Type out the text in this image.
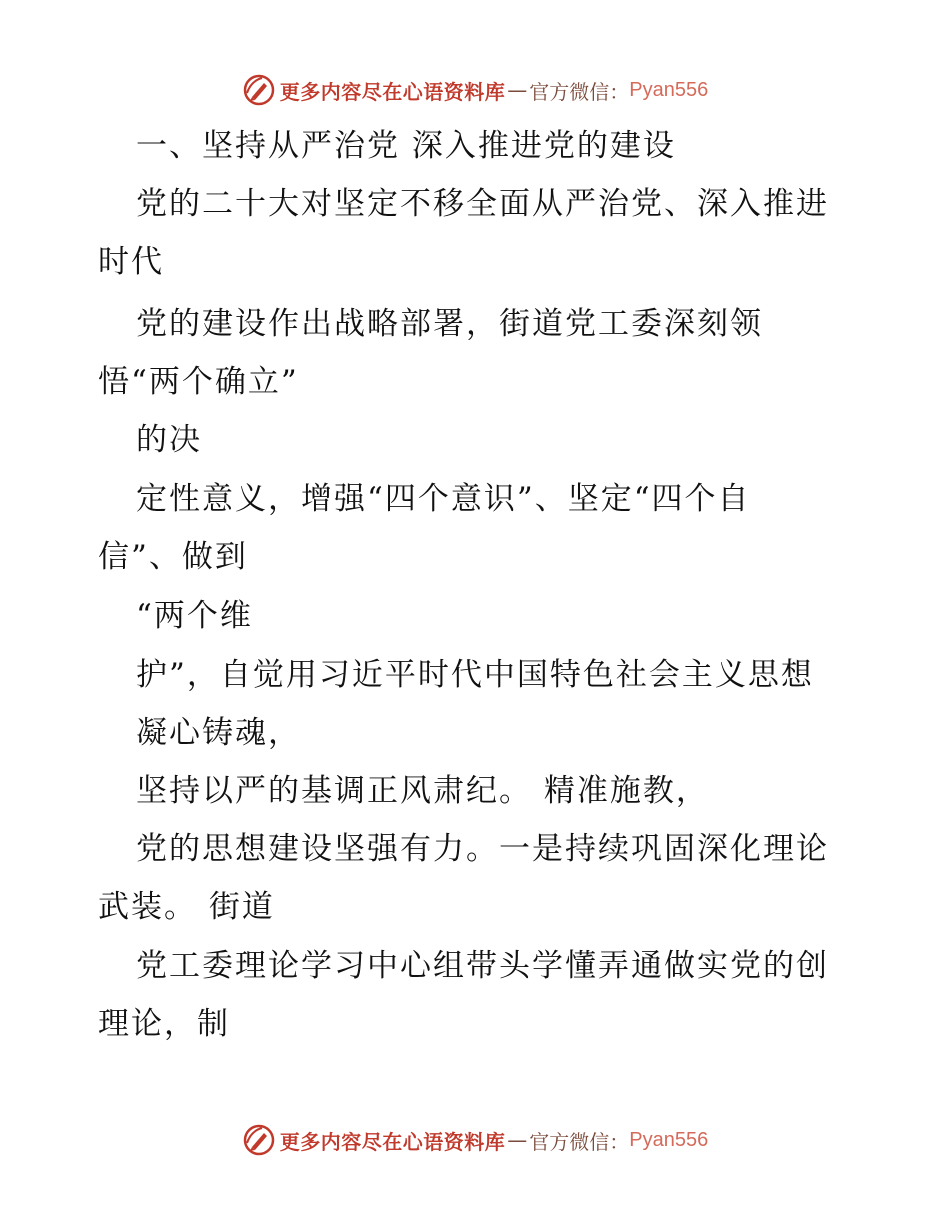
更多内容尽在心语资料库 — 官方微信： Pyan556
一、坚持从严治党 深入推进党的建设
党的二十大对坚定不移全面从严治党、深入推进
时代
党的建设作出战略部署，街道党工委深刻领
悟“两个确立”
的决
定性意义，增强“四个意识”、坚定“四个自
信”、做到
“两个维
护”，自觉用习近平时代中国特色社会主义思想
凝心铸魂，
坚持以严的基调正风肃纪。 精准施教，
党的思想建设坚强有力。一是持续巩固深化理论
武装。 街道
党工委理论学习中心组带头学懂弄通做实党的创
理论，制
更多内容尽在心语资料库 — 官方微信： Pyan556
